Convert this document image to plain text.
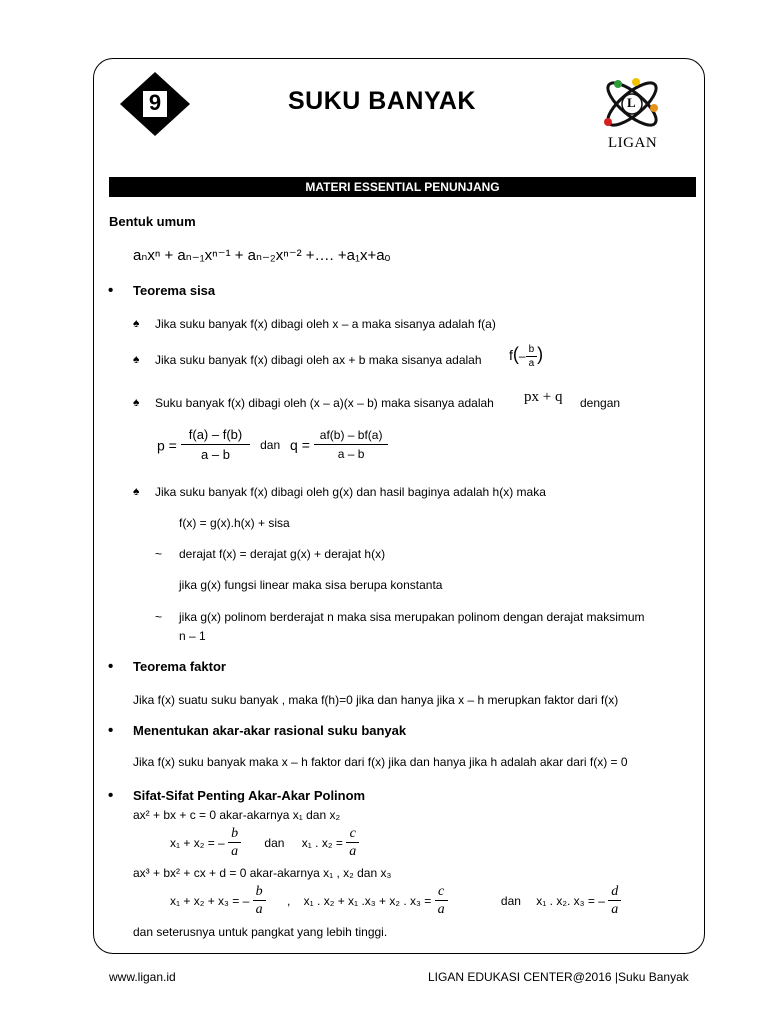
9	SUKU BANYAK	L
LIGAN
MATERI ESSENTIAL PENUNJANG
Bentuk umum
aₙxⁿ + aₙ₋₁xⁿ⁻¹ + aₙ₋₂xⁿ⁻² +…. +a₁x+aₒ
• Teorema sisa
♠ Jika suku banyak f(x) dibagi oleh x – a maka sisanya adalah f(a)
♠ Jika suku banyak f(x) dibagi oleh ax + b maka sisanya adalah $f(- \frac{b}{a}$ )
♠ Suku banyak f(x) dibagi oleh (x – a)(x – b) maka sisanya adalah px + q dengan
$p = \frac{f(a) - f(b)}{a - b}$ dan $q = \frac{af(b) - bf(a)}{a - b}$
♠ Jika suku banyak f(x) dibagi oleh g(x) dan hasil baginya adalah h(x) maka
f(x) = g(x).h(x) + sisa
~ derajat f(x) = derajat g(x) + derajat h(x)
jika g(x) fungsi linear maka sisa berupa konstanta
~ jika g(x) polinom berderajat n maka sisa merupakan polinom dengan derajat maksimum
n – 1
• Teorema faktor
Jika f(x) suatu suku banyak , maka f(h)=0 jika dan hanya jika x – h merupkan faktor dari f(x)
• Menentukan akar-akar rasional suku banyak
Jika f(x) suku banyak maka x – h faktor dari f(x) jika dan hanya jika h adalah akar dari f(x) = 0
• Sifat-Sifat Penting Akar-Akar Polinom
ax² + bx + c = 0 akar-akarnya x₁ dan x₂
x₁ + x₂ = – $\frac{b}{a}$ dan x₁ . $x_2 = \frac{c}{a}$
ax³ + bx² + cx + d = 0 akar-akarnya x₁ , x₂ dan x₃
x₁ + x₂ + x₃ = – $\frac{b}{a}$ , x₁ . x₂ + x₁ .x₃ + x₂ . $x_3 = \frac{c}{a}$	dan x₁ . x₂. x₃ = – $\frac{d}{a}$
dan seterusnya untuk pangkat yang lebih tinggi.
www.ligan.id	LIGAN EDUKASI CENTER@2016 |Suku Banyak
